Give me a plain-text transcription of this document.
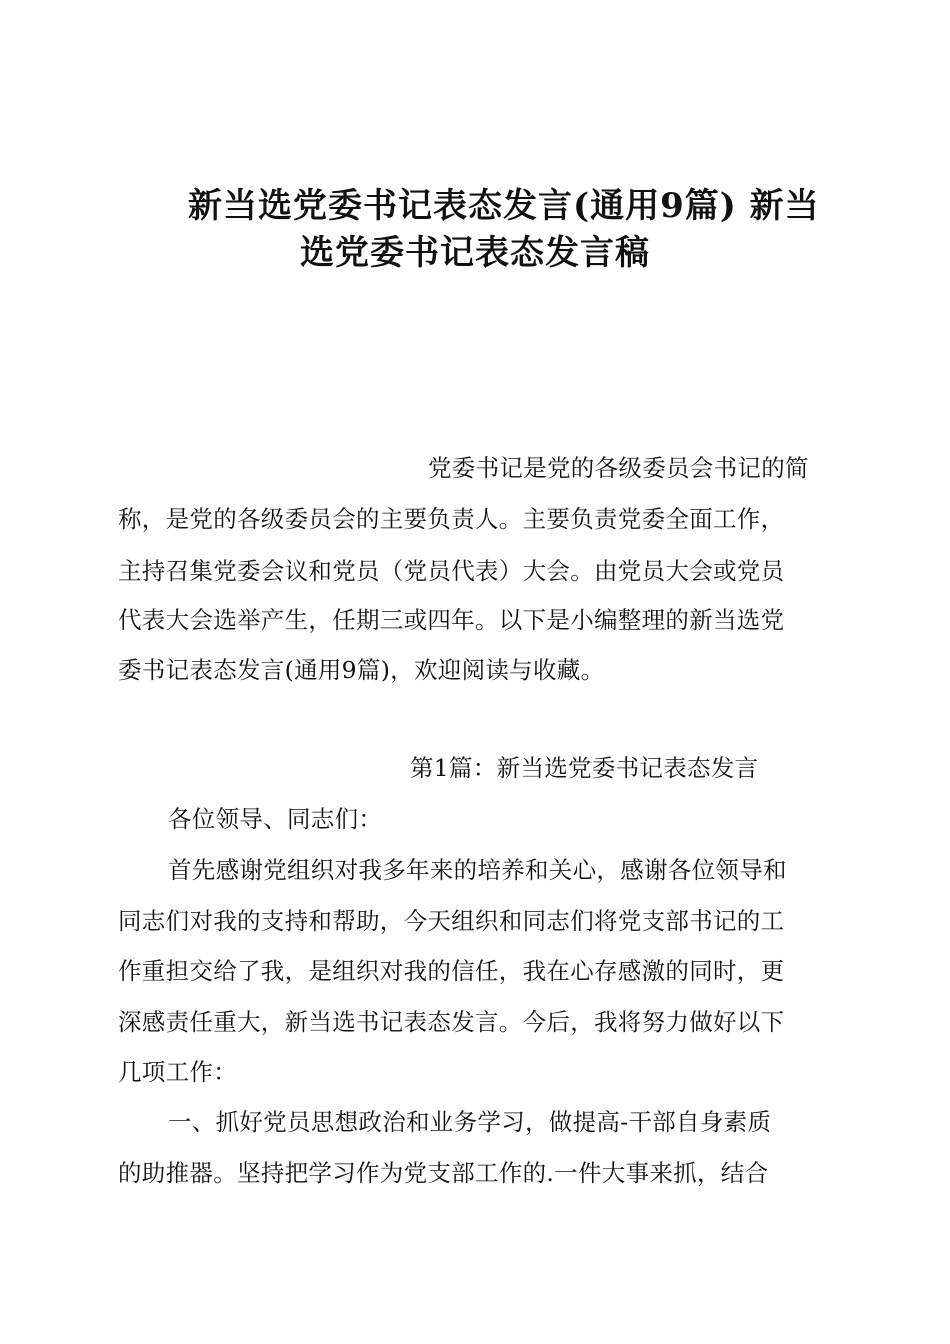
新当选党委书记表态发言(通用9篇) 新当
选党委书记表态发言稿
党委书记是党的各级委员会书记的简
称，是党的各级委员会的主要负责人。主要负责党委全面工作，
主持召集党委会议和党员（党员代表）大会。由党员大会或党员
代表大会选举产生，任期三或四年。以下是小编整理的新当选党
委书记表态发言(通用9篇)，欢迎阅读与收藏。
第1篇：新当选党委书记表态发言
各位领导、同志们：
首先感谢党组织对我多年来的培养和关心，感谢各位领导和
同志们对我的支持和帮助，今天组织和同志们将党支部书记的工
作重担交给了我，是组织对我的信任，我在心存感激的同时，更
深感责任重大，新当选书记表态发言。今后，我将努力做好以下
几项工作：
一、抓好党员思想政治和业务学习，做提高-干部自身素质
的助推器。坚持把学习作为党支部工作的.一件大事来抓，结合
